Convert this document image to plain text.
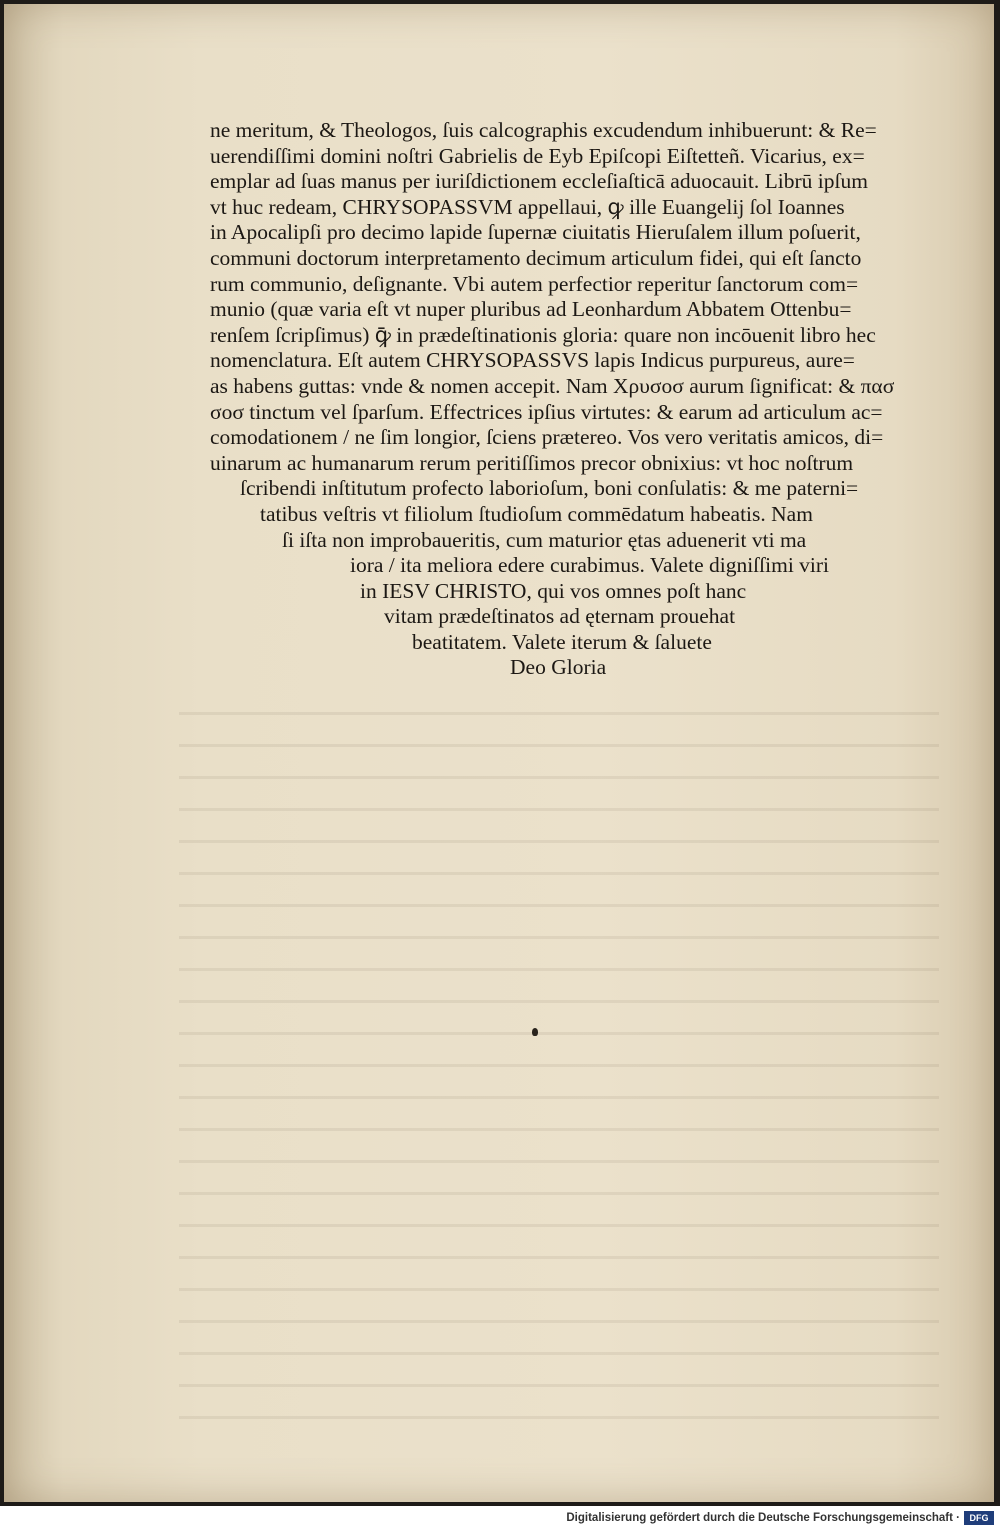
ne meritum, & Theologos, ſuis calcographis excudendum inhibuerunt: & Re=
uerendiſſimi domini noſtri Gabrielis de Eyb Epiſcopi Eiſtetteñ. Vicarius, ex=
emplar ad ſuas manus per iuriſdictionem eccleſiaſticā aduocauit. Librū ipſum
vt huc redeam, CHRYSOPASSVM appellaui, ꝙ ille Euangelij ſol Ioannes
in Apocalipſi pro decimo lapide ſupernæ ciuitatis Hieruſalem illum poſuerit,
communi doctorum interpretamento decimum articulum fidei, qui eſt ſancto
rum communio, deſignante. Vbi autem perfectior reperitur ſanctorum com=
munio (quæ varia eſt vt nuper pluribus ad Leonhardum Abbatem Ottenbu=
renſem ſcripſimus) ꝙ̄ in prædeſtinationis gloria: quare non incōuenit libro hec
nomenclatura. Eſt autem CHRYSOPASSVS lapis Indicus purpureus, aure=
as habens guttas: vnde & nomen accepit. Nam Χρυσοσ aurum ſignificat: & πασ
σοσ tinctum vel ſparſum. Effectrices ipſius virtutes: & earum ad articulum ac=
comodationem / ne ſim longior, ſciens prætereo. Vos vero veritatis amicos, di=
uinarum ac humanarum rerum peritiſſimos precor obnixius: vt hoc noſtrum
ſcribendi inſtitutum profecto laborioſum, boni conſulatis: & me paterni=
tatibus veſtris vt filiolum ſtudioſum commēdatum habeatis. Nam
ſi iſta non improbaueritis, cum maturior ętas aduenerit vti ma
iora / ita meliora edere curabimus. Valete digniſſimi viri
in IESV CHRISTO, qui vos omnes poſt hanc
vitam prædeſtinatos ad ęternam prouehat
beatitatem. Valete iterum & ſaluete
Deo Gloria
Digitalisierung gefördert durch die Deutsche Forschungsgemeinschaft ·	DFG
